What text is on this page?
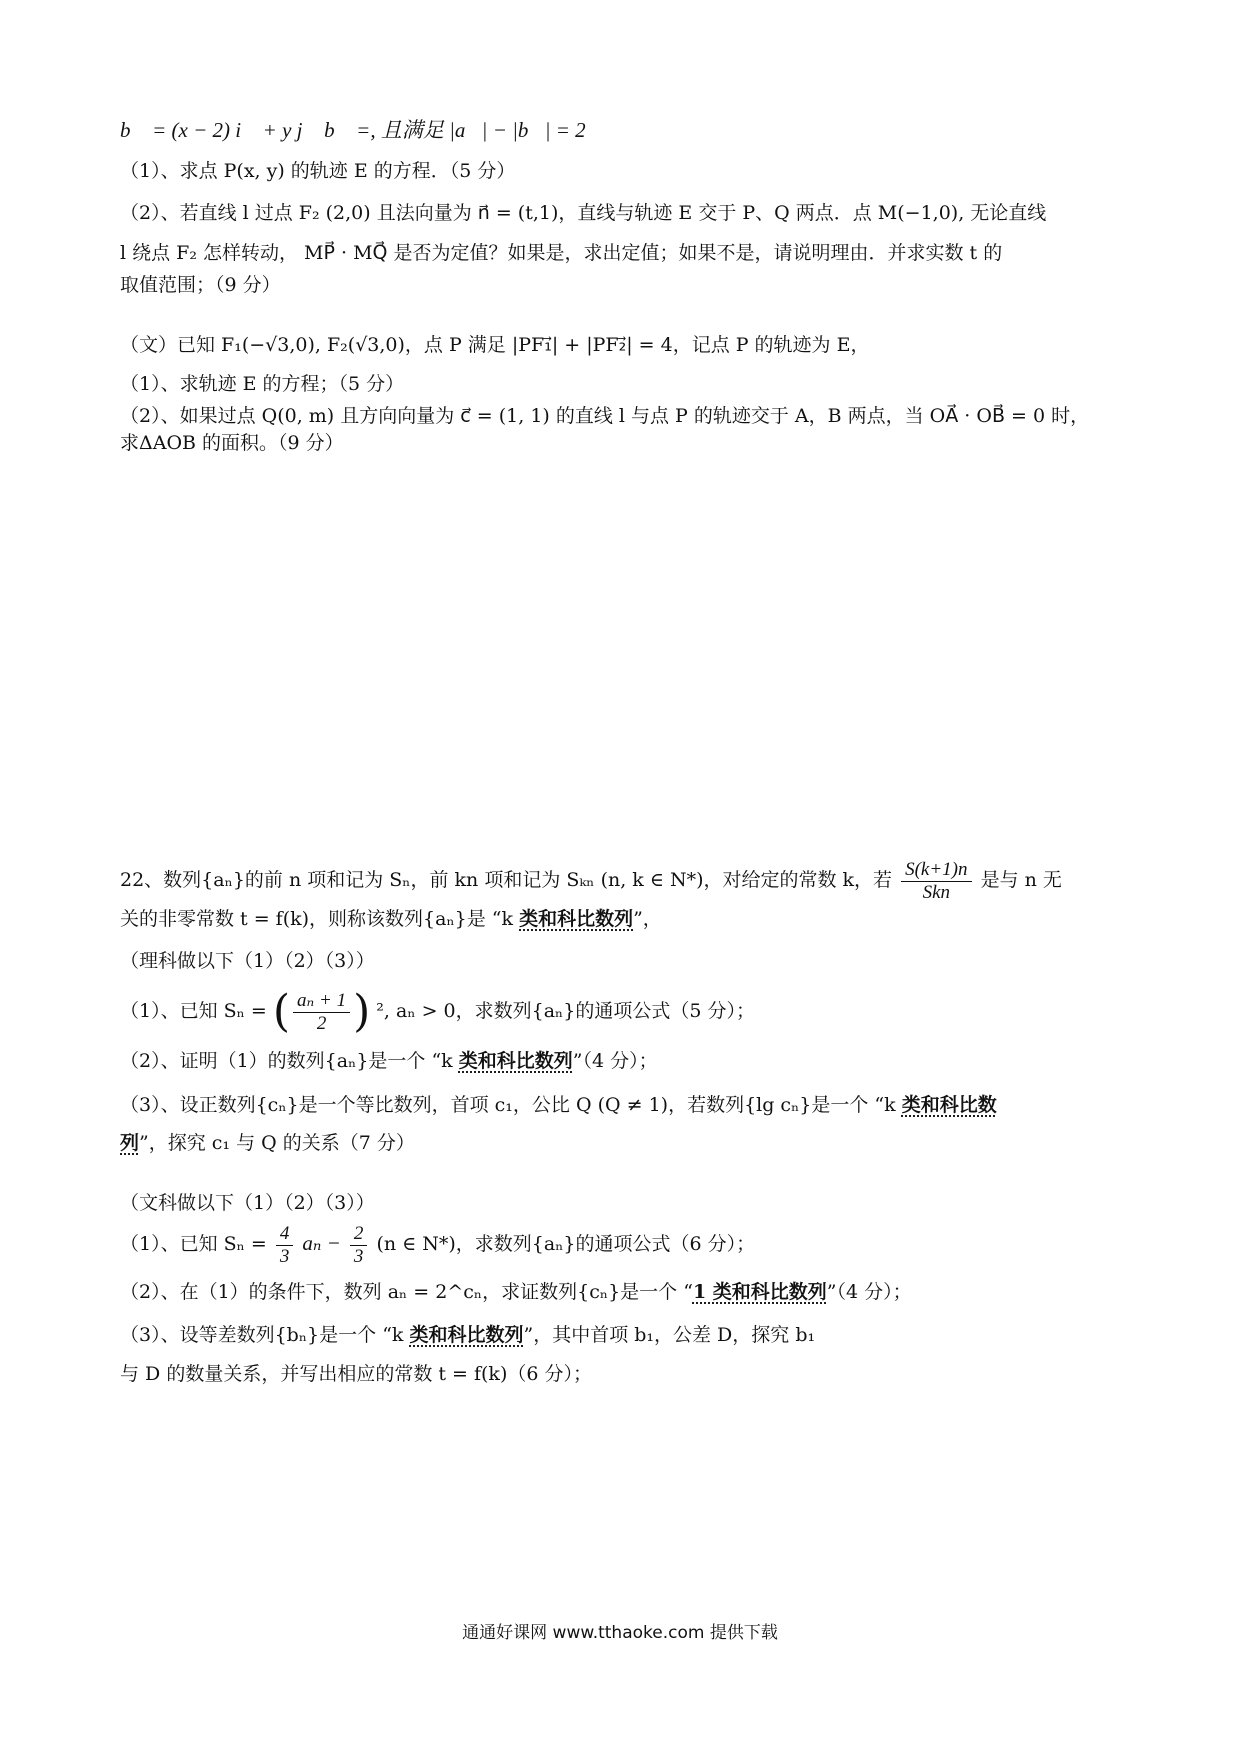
b⃗ = (x − 2) i⃗ + y j⃗ b⃗ =, 且满足 |a⃗| − |b⃗| = 2
（1）、求点 P(x, y) 的轨迹 E 的方程．（5 分）
（2）、若直线 l 过点 F₂ (2,0) 且法向量为 n⃗ = (t,1)，直线与轨迹 E 交于 P、Q 两点．点 M(−1,0), 无论直线
l 绕点 F₂ 怎样转动， MP⃗ · MQ⃗ 是否为定值？如果是，求出定值；如果不是，请说明理由．并求实数 t 的
取值范围；（9 分）
（文）已知 F₁(−√3,0), F₂(√3,0)，点 P 满足 |PF₁⃗| + |PF₂⃗| = 4，记点 P 的轨迹为 E，
（1）、求轨迹 E 的方程；（5 分）
（2）、如果过点 Q(0, m) 且方向向量为 c⃗ = (1, 1) 的直线 l 与点 P 的轨迹交于 A，B 两点，当 OA⃗ · OB⃗ = 0 时，
求ΔAOB 的面积。（9 分）
22、数列{aₙ}的前 n 项和记为 Sₙ，前 kn 项和记为 Sₖₙ (n, k ∈ N*)，对给定的常数 k，若 $\frac{S(k+1)n}{\text{Skn}}$ 是与 n 无
关的非零常数 t = f(k)，则称该数列{aₙ}是 “k 类和科比数列”，
（理科做以下（1）（2）（3））
（1）、已知 Sₙ = ( $\frac{\text{aₙ + 1}}{2}$ ) ², aₙ > 0，求数列{aₙ}的通项公式（5 分）；
（2）、证明（1）的数列{aₙ}是一个 “k 类和科比数列”（4 分）；
（3）、设正数列{cₙ}是一个等比数列，首项 c₁，公比 Q (Q ≠ 1)，若数列{lg cₙ}是一个 “k 类和科比数
列”，探究 c₁ 与 Q 的关系（7 分）
（文科做以下（1）（2）（3））
（1）、已知 $S_n = \frac{4}{3}$ $a_n - \frac{2}{3} (n$ ∈ N*)，求数列{aₙ}的通项公式（6 分）；
（2）、在（1）的条件下，数列 aₙ = 2^cₙ，求证数列{cₙ}是一个 “1 类和科比数列”（4 分）；
（3）、设等差数列{bₙ}是一个 “k 类和科比数列”，其中首项 b₁，公差 D，探究 b₁
与 D 的数量关系，并写出相应的常数 t = f(k)（6 分）；
通通好课网 www.tthaoke.com 提供下载
